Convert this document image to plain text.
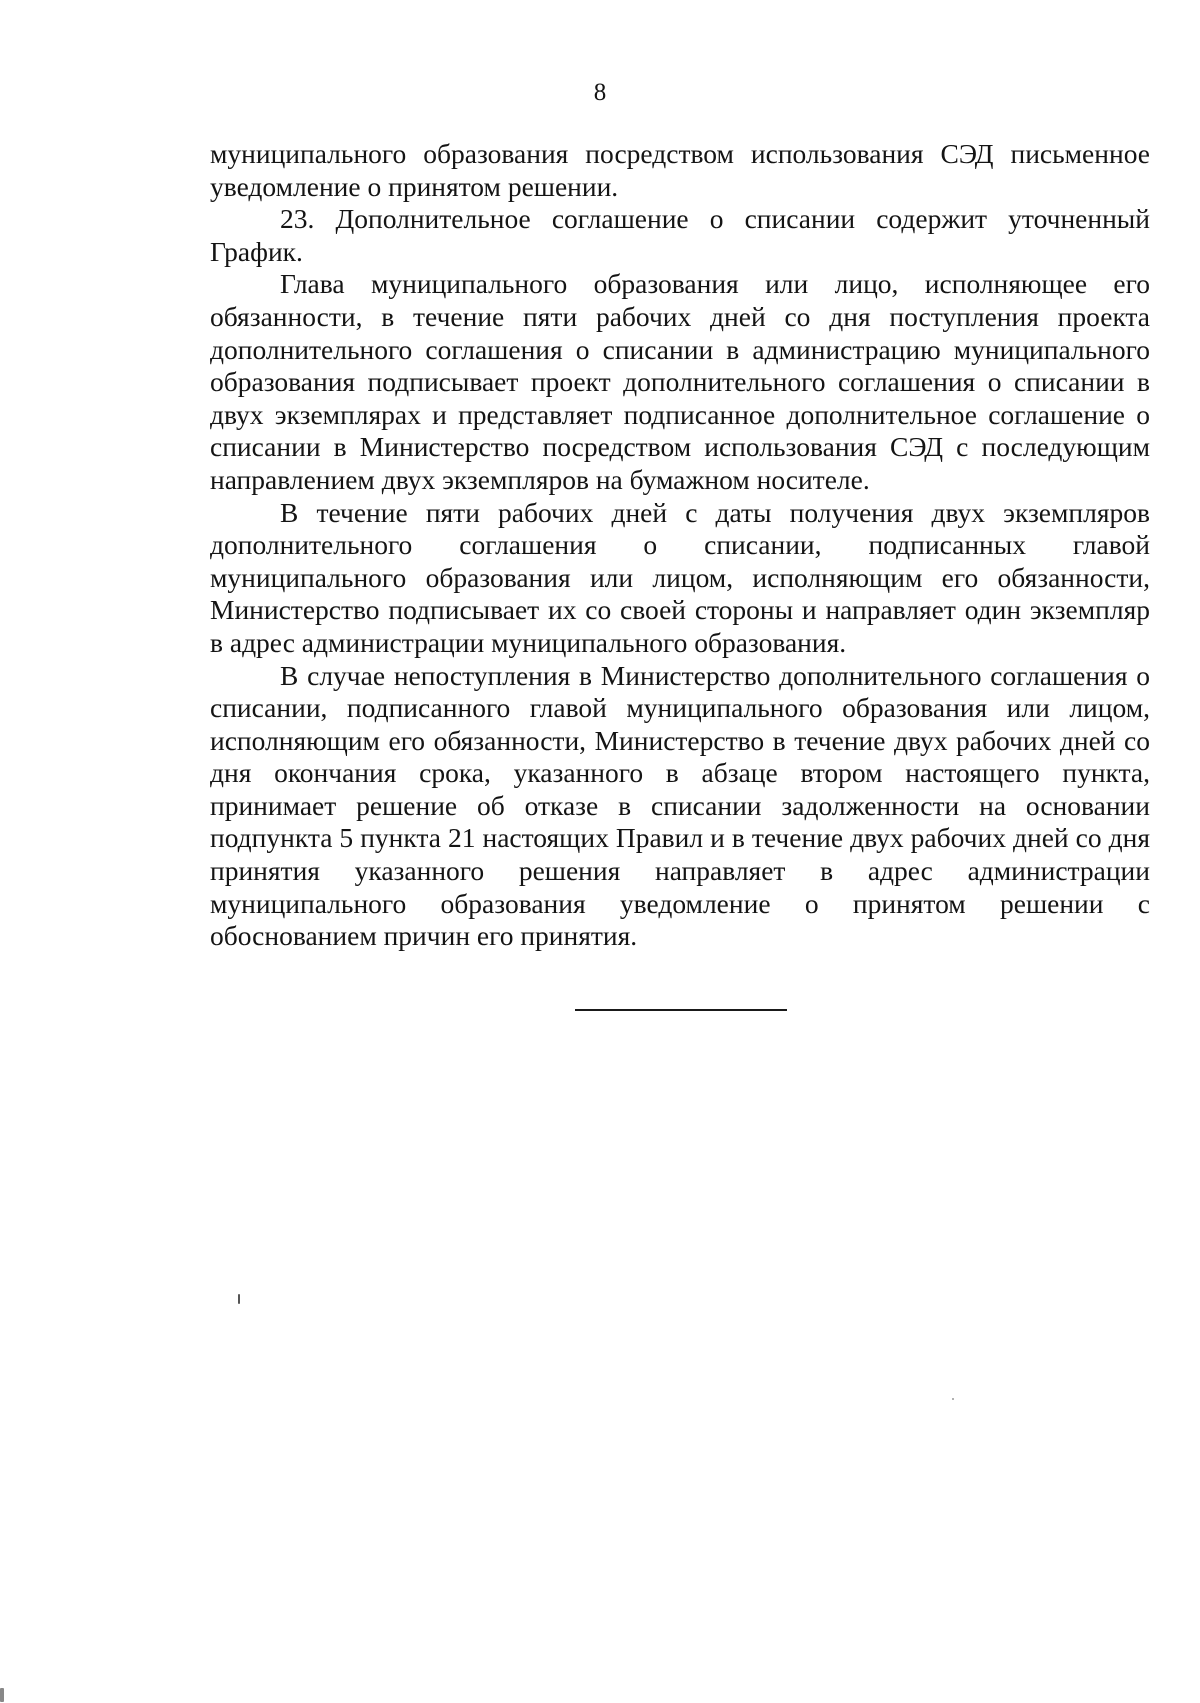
8

муниципального образования посредством использования СЭД письменное уведомление о принятом решении.

23. Дополнительное соглашение о списании содержит уточненный График.

Глава муниципального образования или лицо, исполняющее его обязанности, в течение пяти рабочих дней со дня поступления проекта дополнительного соглашения о списании в администрацию муниципального образования подписывает проект дополнительного соглашения о списании в двух экземплярах и представляет подписанное дополнительное соглашение о списании в Министерство посредством использования СЭД с последующим направлением двух экземпляров на бумажном носителе.

В течение пяти рабочих дней с даты получения двух экземпляров дополнительного соглашения о списании, подписанных главой муниципального образования или лицом, исполняющим его обязанности, Министерство подписывает их со своей стороны и направляет один экземпляр в адрес администрации муниципального образования.

В случае непоступления в Министерство дополнительного соглашения о списании, подписанного главой муниципального образования или лицом, исполняющим его обязанности, Министерство в течение двух рабочих дней со дня окончания срока, указанного в абзаце втором настоящего пункта, принимает решение об отказе в списании задолженности на основании подпункта 5 пункта 21 настоящих Правил и в течение двух рабочих дней со дня принятия указанного решения направляет в адрес администрации муниципального образования уведомление о принятом решении с обоснованием причин его принятия.
